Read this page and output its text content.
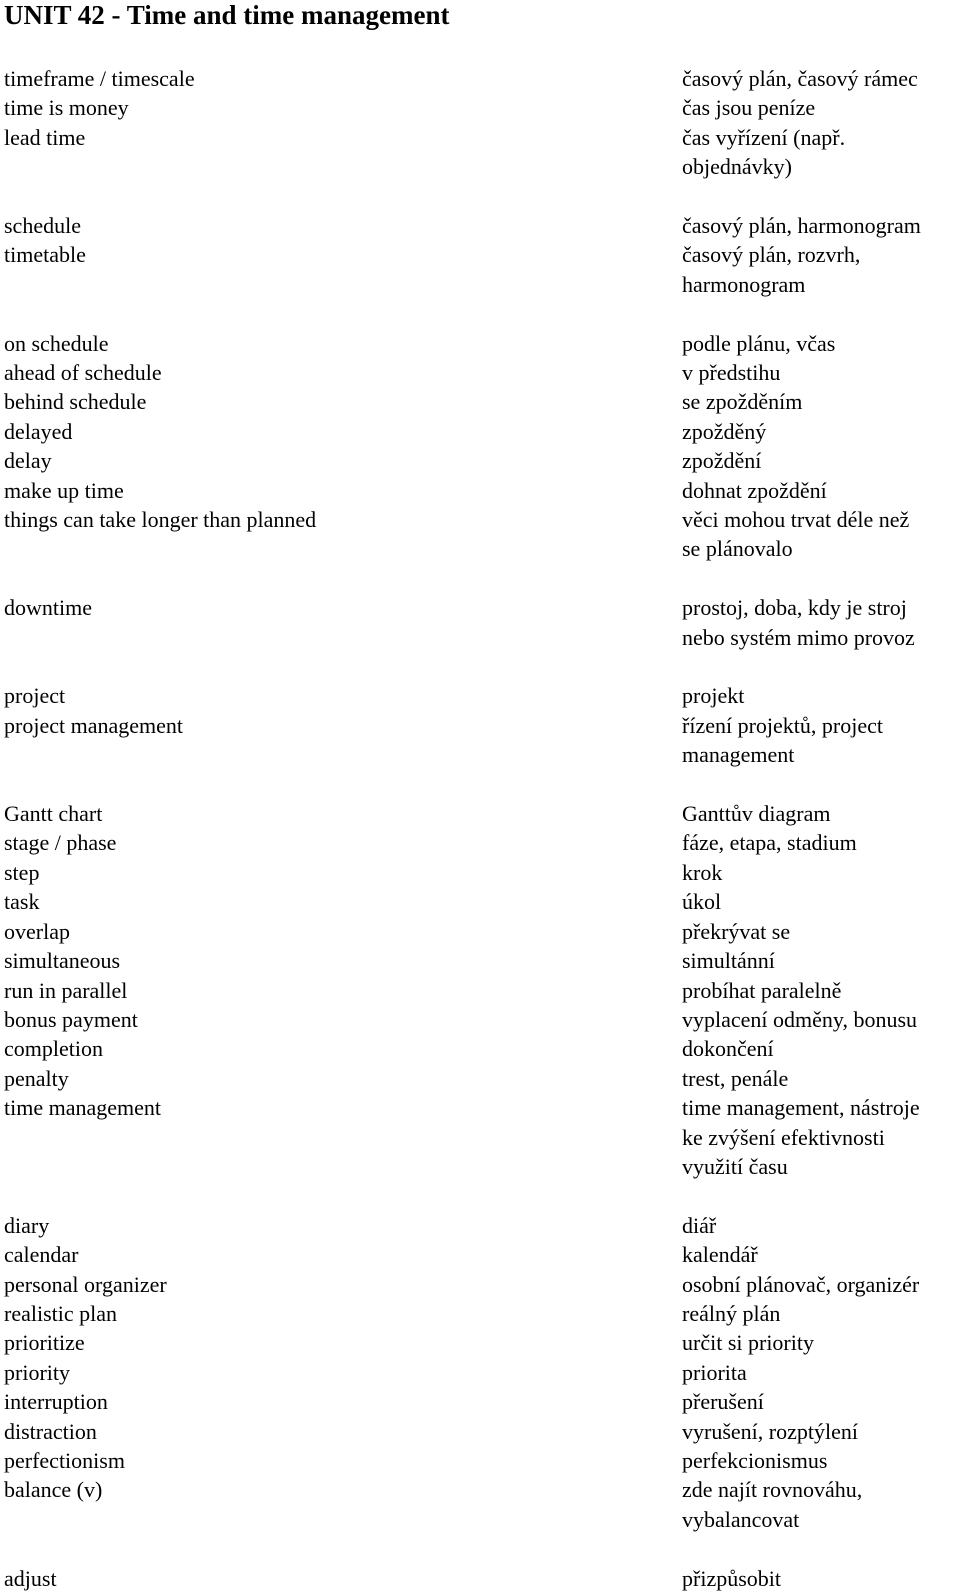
UNIT 42 - Time and time management
timeframe / timescale	časový plán, časový rámec
time is money	čas jsou peníze
lead time	čas vyřízení (např.
objednávky)
schedule	časový plán, harmonogram
timetable	časový plán, rozvrh,
harmonogram
on schedule	podle plánu, včas
ahead of schedule	v předstihu
behind schedule	se zpožděním
delayed	zpožděný
delay	zpoždění
make up time	dohnat zpoždění
things can take longer than planned	věci mohou trvat déle než
se plánovalo
downtime	prostoj, doba, kdy je stroj
nebo systém mimo provoz
project	projekt
project management	řízení projektů, project
management
Gantt chart	Ganttův diagram
stage / phase	fáze, etapa, stadium
step	krok
task	úkol
overlap	překrývat se
simultaneous	simultánní
run in parallel	probíhat paralelně
bonus payment	vyplacení odměny, bonusu
completion	dokončení
penalty	trest, penále
time management	time management, nástroje
ke zvýšení efektivnosti
využití času
diary	diář
calendar	kalendář
personal organizer	osobní plánovač, organizér
realistic plan	reálný plán
prioritize	určit si priority
priority	priorita
interruption	přerušení
distraction	vyrušení, rozptýlení
perfectionism	perfekcionismus
balance (v)	zde najít rovnováhu,
vybalancovat
adjust	přizpůsobit
